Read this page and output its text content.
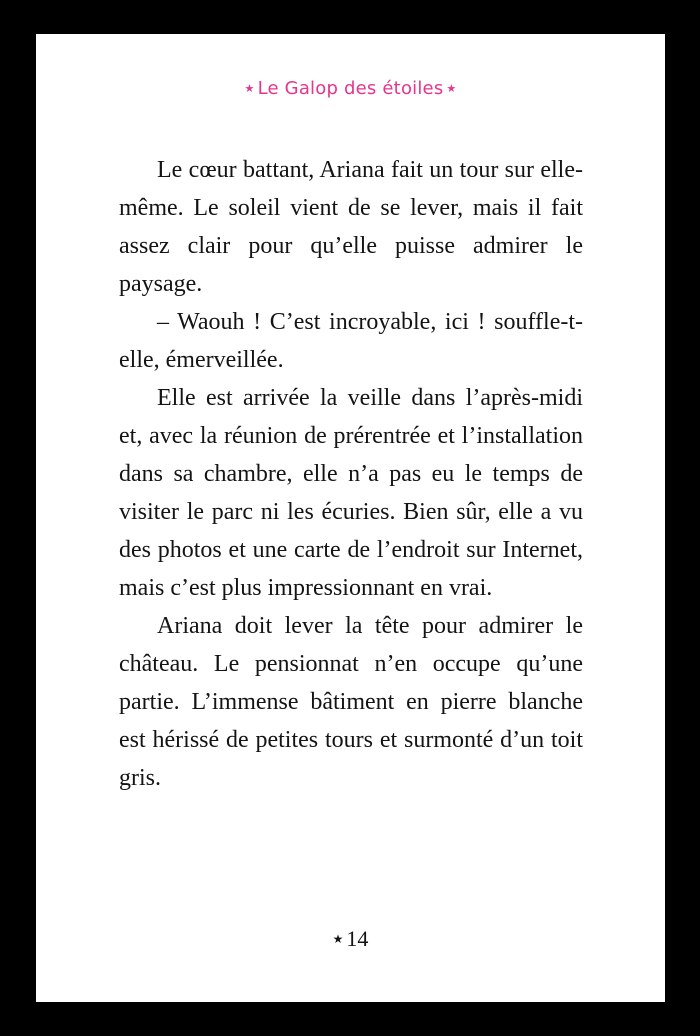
★ Le Galop des étoiles ★

Le cœur battant, Ariana fait un tour sur elle-même. Le soleil vient de se lever, mais il fait assez clair pour qu’elle puisse admirer le paysage.

– Waouh ! C’est incroyable, ici ! souffle-t-elle, émerveillée.

Elle est arrivée la veille dans l’après-midi et, avec la réunion de prérentrée et l’installation dans sa chambre, elle n’a pas eu le temps de visiter le parc ni les écuries. Bien sûr, elle a vu des photos et une carte de l’endroit sur Internet, mais c’est plus impressionnant en vrai.

Ariana doit lever la tête pour admirer le château. Le pensionnat n’en occupe qu’une partie. L’immense bâtiment en pierre blanche est hérissé de petites tours et surmonté d’un toit gris.

★ 14
